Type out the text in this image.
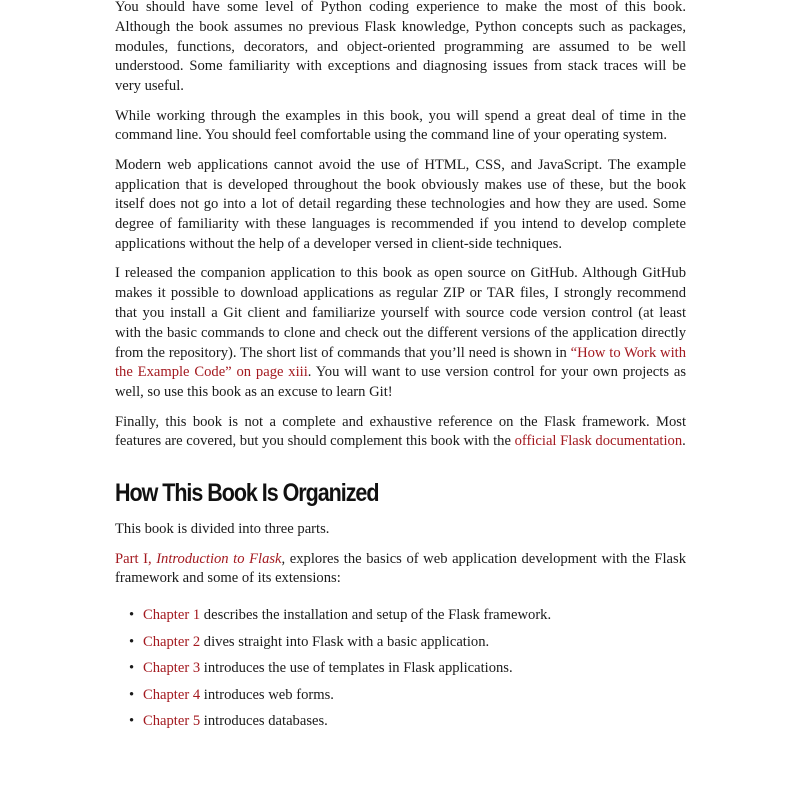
You should have some level of Python coding experience to make the most of this book. Although the book assumes no previous Flask knowledge, Python concepts such as packages, modules, functions, decorators, and object-oriented programming are assumed to be well understood. Some familiarity with exceptions and diagnosing issues from stack traces will be very useful.

While working through the examples in this book, you will spend a great deal of time in the command line. You should feel comfortable using the command line of your operating system.

Modern web applications cannot avoid the use of HTML, CSS, and JavaScript. The example application that is developed throughout the book obviously makes use of these, but the book itself does not go into a lot of detail regarding these technologies and how they are used. Some degree of familiarity with these languages is recommended if you intend to develop complete applications without the help of a developer versed in client-side techniques.

I released the companion application to this book as open source on GitHub. Although GitHub makes it possible to download applications as regular ZIP or TAR files, I strongly recommend that you install a Git client and familiarize yourself with source code version control (at least with the basic commands to clone and check out the different versions of the application directly from the repository). The short list of commands that you’ll need is shown in “How to Work with the Example Code” on page xiii. You will want to use version control for your own projects as well, so use this book as an excuse to learn Git!

Finally, this book is not a complete and exhaustive reference on the Flask framework. Most features are covered, but you should complement this book with the official Flask documentation.

How This Book Is Organized

This book is divided into three parts.

Part I, Introduction to Flask, explores the basics of web application development with the Flask framework and some of its extensions:

• Chapter 1 describes the installation and setup of the Flask framework.
• Chapter 2 dives straight into Flask with a basic application.
• Chapter 3 introduces the use of templates in Flask applications.
• Chapter 4 introduces web forms.
• Chapter 5 introduces databases.
